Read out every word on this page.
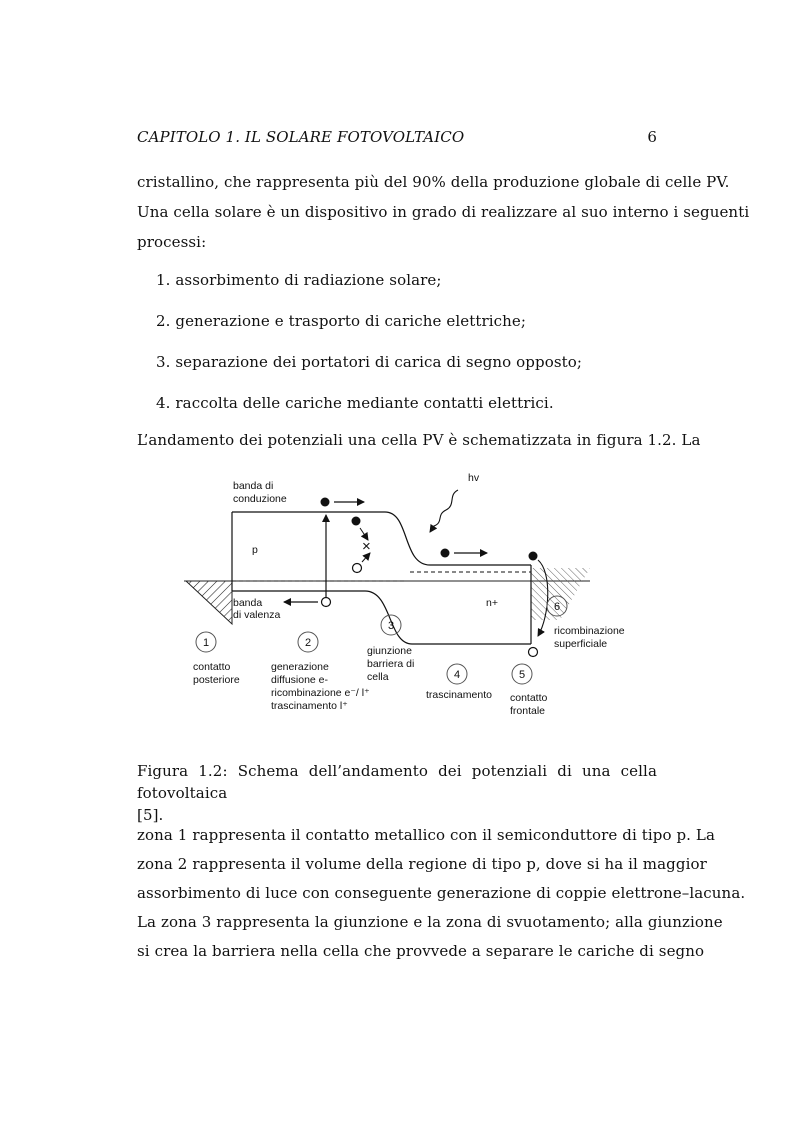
CAPITOLO 1. IL SOLARE FOTOVOLTAICO	6
cristallino, che rappresenta più del 90% della produzione globale di celle PV.
Una cella solare è un dispositivo in grado di realizzare al suo interno i seguenti
processi:
1. assorbimento di radiazione solare;
2. generazione e trasporto di cariche elettriche;
3. separazione dei portatori di carica di segno opposto;
4. raccolta delle cariche mediante contatti elettrici.
L’andamento dei potenziali una cella PV è schematizzata in figura 1.2. La
×
1	2
3
4	5
6
banda di
conduzione
p
hv
banda
di valenza
n+
contatto
posteriore
generazione
diffusione e-
ricombinazione e⁻/ l⁺
trascinamento l⁺
giunzione
barriera di
cella
trascinamento contatto
frontale
ricombinazione
superficiale
Figura 1.2: Schema dell’andamento dei potenziali di una cella fotovoltaica
[5].
zona 1 rappresenta il contatto metallico con il semiconduttore di tipo p. La
zona 2 rappresenta il volume della regione di tipo p, dove si ha il maggior
assorbimento di luce con conseguente generazione di coppie elettrone–lacuna.
La zona 3 rappresenta la giunzione e la zona di svuotamento; alla giunzione
si crea la barriera nella cella che provvede a separare le cariche di segno
